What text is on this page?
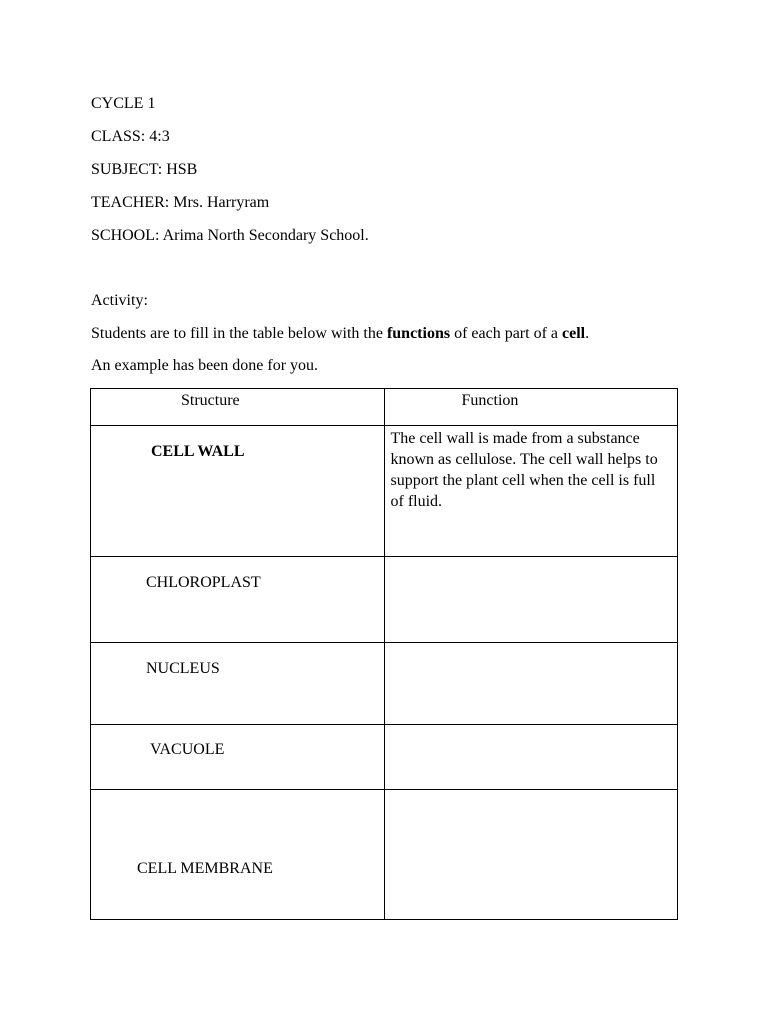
CYCLE 1
CLASS: 4:3
SUBJECT: HSB
TEACHER: Mrs. Harryram
SCHOOL: Arima North Secondary School.
Activity:
Students are to fill in the table below with the functions of each part of a cell.
An example has been done for you.
Structure	Function

CELL WALL	The cell wall is made from a substance known as cellulose. The cell wall helps to support the plant cell when the cell is full of fluid.

CHLOROPLAST	

NUCLEUS	

VACUOLE	

CELL MEMBRANE	
